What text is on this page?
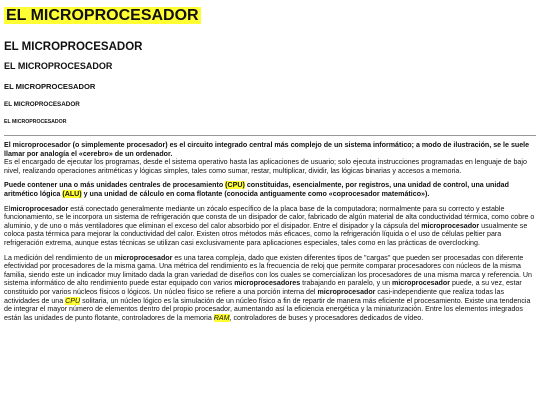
EL MICROPROCESADOR
EL MICROPROCESADOR
EL MICROPROCESADOR
EL MICROPROCESADOR
EL MICROPROCESADOR
EL MICROPROCESADOR

El microprocesador (o simplemente procesador) es el circuito integrado central más complejo de un sistema informático; a modo de ilustración, se le suele llamar por analogía el «cerebro» de un ordenador.
Es el encargado de ejecutar los programas, desde el sistema operativo hasta las aplicaciones de usuario; solo ejecuta instrucciones programadas en lenguaje de bajo nivel, realizando operaciones aritméticas y lógicas simples, tales como sumar, restar, multiplicar, dividir, las lógicas binarias y accesos a memoria.

Puede contener una o más unidades centrales de procesamiento (CPU) constituidas, esencialmente, por registros, una unidad de control, una unidad aritmético lógica (ALU) y una unidad de cálculo en coma flotante (conocida antiguamente como «coprocesador matemático»).

Elmicroprocesador está conectado generalmente mediante un zócalo específico de la placa base de la computadora; normalmente para su correcto y estable funcionamiento, se le incorpora un sistema de refrigeración que consta de un disipador de calor, fabricado de algún material de alta conductividad térmica, como cobre o aluminio, y de uno o más ventiladores que eliminan el exceso del calor absorbido por el disipador. Entre el disipador y la cápsula del microprocesador usualmente se coloca pasta térmica para mejorar la conductividad del calor. Existen otros métodos más eficaces, como la refrigeración líquida o el uso de células peltier para refrigeración extrema, aunque estas técnicas se utilizan casi exclusivamente para aplicaciones especiales, tales como en las prácticas de overclocking.

La medición del rendimiento de un microprocesador es una tarea compleja, dado que existen diferentes tipos de "cargas" que pueden ser procesadas con diferente efectividad por procesadores de la misma gama. Una métrica del rendimiento es la frecuencia de reloj que permite comparar procesadores con núcleos de la misma familia, siendo este un indicador muy limitado dada la gran variedad de diseños con los cuales se comercializan los procesadores de una misma marca y referencia. Un sistema informático de alto rendimiento puede estar equipado con varios microprocesadores trabajando en paralelo, y un microprocesador puede, a su vez, estar constituido por varios núcleos físicos o lógicos. Un núcleo físico se refiere a una porción interna del microprocesador casi-independiente que realiza todas las actividades de una CPU solitaria, un núcleo lógico es la simulación de un núcleo físico a fin de repartir de manera más eficiente el procesamiento. Existe una tendencia de integrar el mayor número de elementos dentro del propio procesador, aumentando así la eficiencia energética y la miniaturización. Entre los elementos integrados están las unidades de punto flotante, controladores de la memoria RAM, controladores de buses y procesadores dedicados de vídeo.
